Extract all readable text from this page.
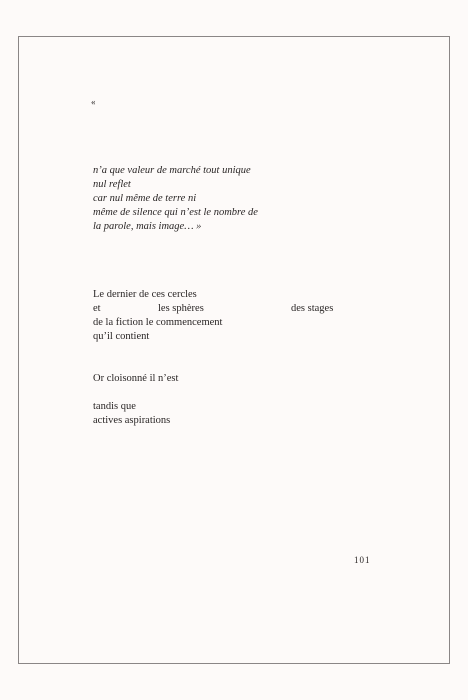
«
n’a que valeur de marché tout unique
nul reflet
car nul même de terre ni
même de silence qui n’est le nombre de
la parole, mais image… »
Le dernier de ces cercles
et	les sphères	des stages
de la fiction le commencement
qu’il contient
Or cloisonné il n’est
tandis que
actives aspirations
101
